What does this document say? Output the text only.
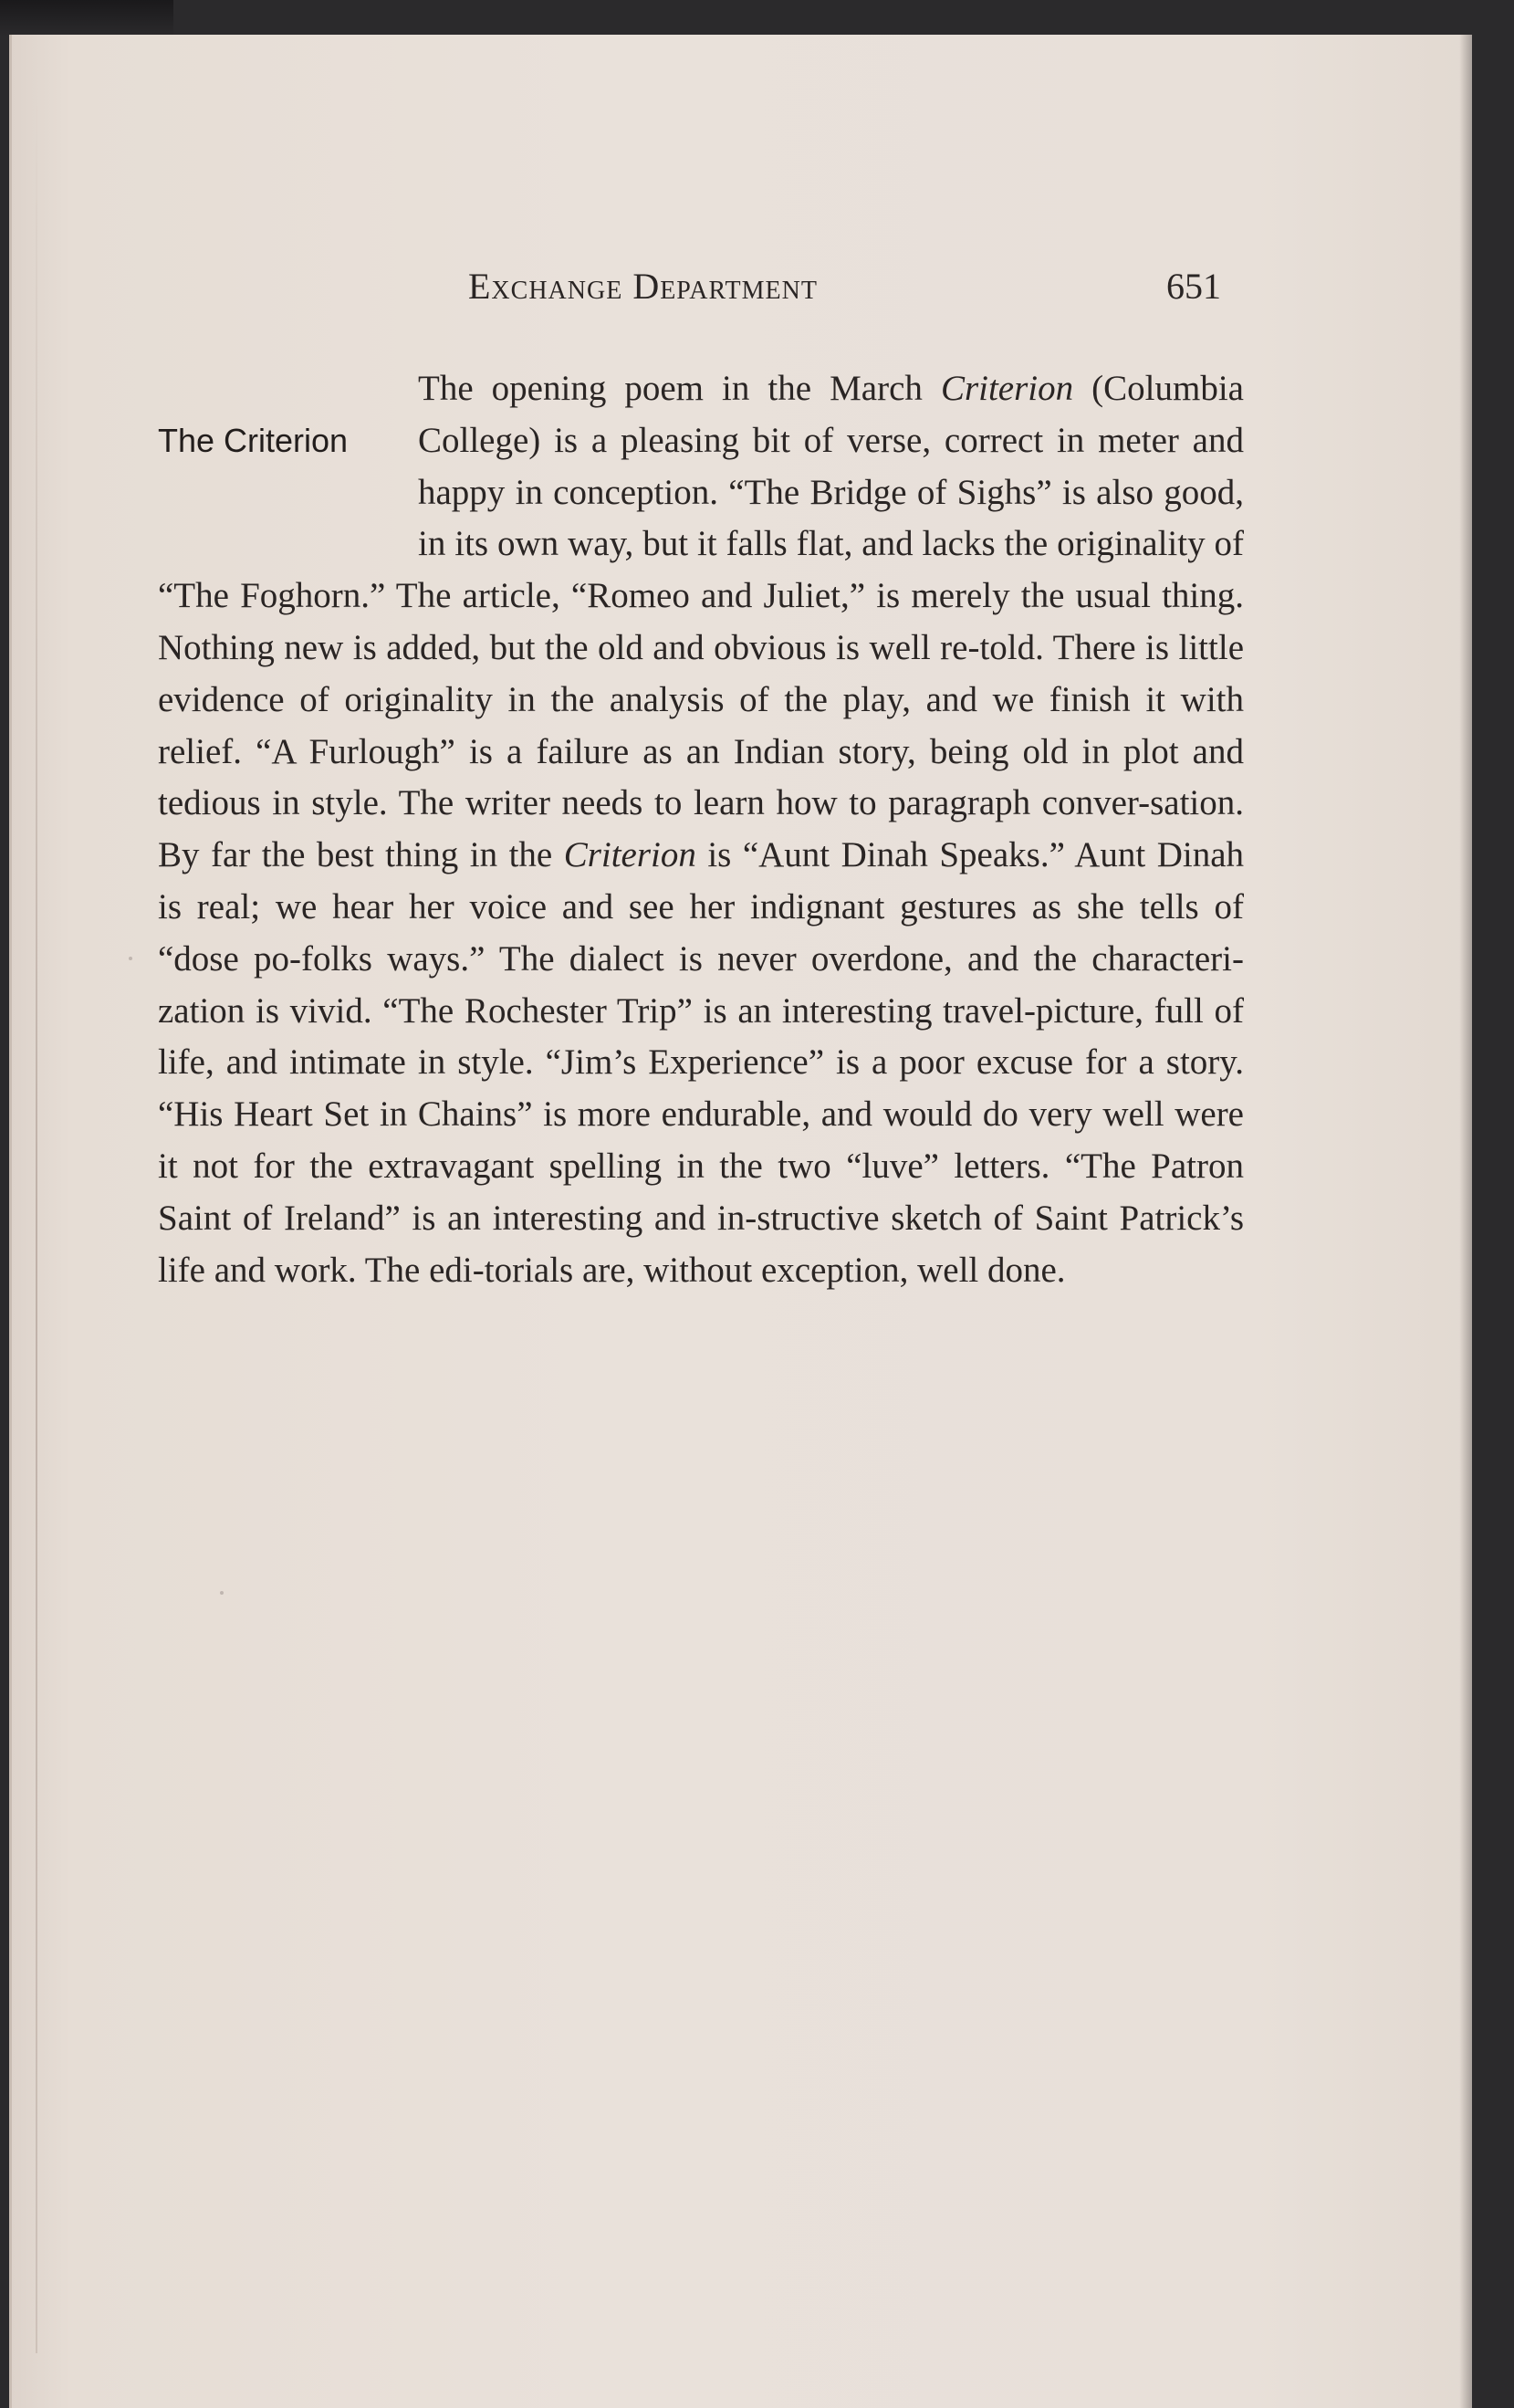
Exchange Department	651
The Criterion

The opening poem in the March Criterion (Columbia College) is a pleasing bit of verse, correct in meter and happy in conception. “The Bridge of Sighs” is also good, in its own way, but it falls flat, and lacks the originality of “The Foghorn.” The article, “Romeo and Juliet,” is merely the usual thing. Nothing new is added, but the old and obvious is well re-told. There is little evidence of originality in the analysis of the play, and we finish it with relief. “A Furlough” is a failure as an Indian story, being old in plot and tedious in style. The writer needs to learn how to paragraph conver-sation. By far the best thing in the Criterion is “Aunt Dinah Speaks.” Aunt Dinah is real; we hear her voice and see her indignant gestures as she tells of “dose po-folks ways.” The dialect is never overdone, and the characteri-zation is vivid. “The Rochester Trip” is an interesting travel-picture, full of life, and intimate in style. “Jim’s Experience” is a poor excuse for a story. “His Heart Set in Chains” is more endurable, and would do very well were it not for the extravagant spelling in the two “luve” letters. “The Patron Saint of Ireland” is an interesting and in-structive sketch of Saint Patrick’s life and work. The edi-torials are, without exception, well done.
